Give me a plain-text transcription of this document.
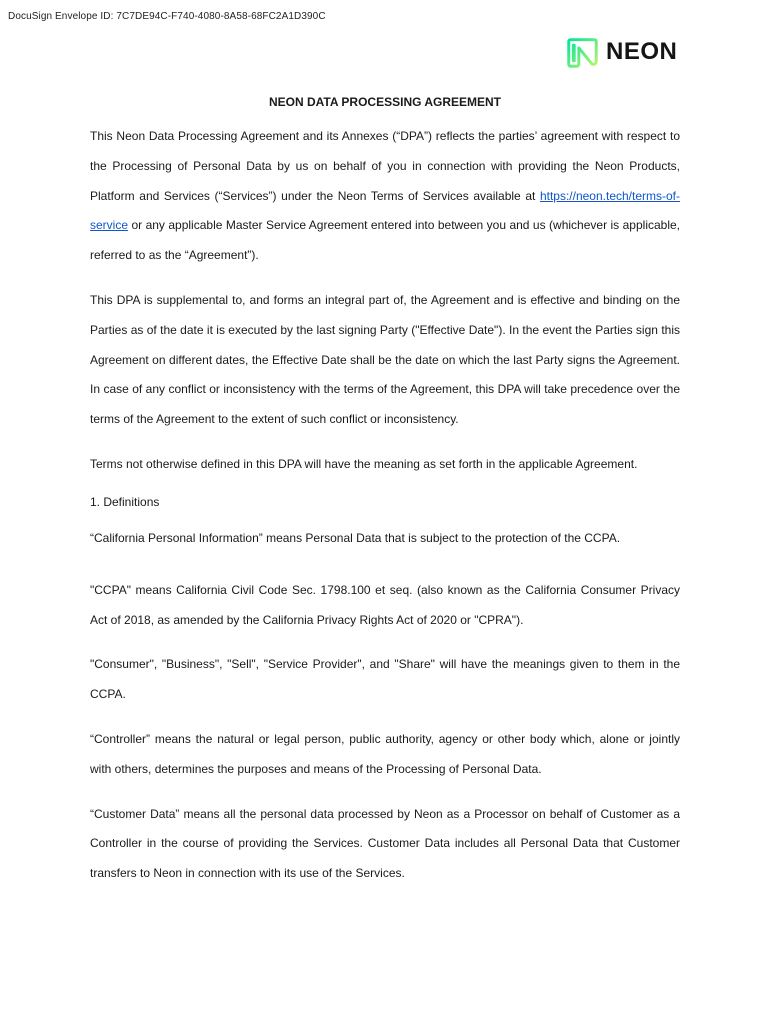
DocuSign Envelope ID: 7C7DE94C-F740-4080-8A58-68FC2A1D390C
NEON
NEON DATA PROCESSING AGREEMENT

This Neon Data Processing Agreement and its Annexes (“DPA”) reflects the parties’ agreement with respect to the Processing of Personal Data by us on behalf of you in connection with providing the Neon Products, Platform and Services (“Services”) under the Neon Terms of Services available at https://neon.tech/terms-of-service or any applicable Master Service Agreement entered into between you and us (whichever is applicable, referred to as the “Agreement”).

This DPA is supplemental to, and forms an integral part of, the Agreement and is effective and binding on the Parties as of the date it is executed by the last signing Party ("Effective Date"). In the event the Parties sign this Agreement on different dates, the Effective Date shall be the date on which the last Party signs the Agreement. In case of any conflict or inconsistency with the terms of the Agreement, this DPA will take precedence over the terms of the Agreement to the extent of such conflict or inconsistency.

Terms not otherwise defined in this DPA will have the meaning as set forth in the applicable Agreement.

1. Definitions

“California Personal Information” means Personal Data that is subject to the protection of the CCPA.

"CCPA" means California Civil Code Sec. 1798.100 et seq. (also known as the California Consumer Privacy Act of 2018, as amended by the California Privacy Rights Act of 2020 or "CPRA").

"Consumer", "Business", "Sell", "Service Provider", and "Share" will have the meanings given to them in the CCPA.

“Controller” means the natural or legal person, public authority, agency or other body which, alone or jointly with others, determines the purposes and means of the Processing of Personal Data.

“Customer Data” means all the personal data processed by Neon as a Processor on behalf of Customer as a Controller in the course of providing the Services. Customer Data includes all Personal Data that Customer transfers to Neon in connection with its use of the Services.
